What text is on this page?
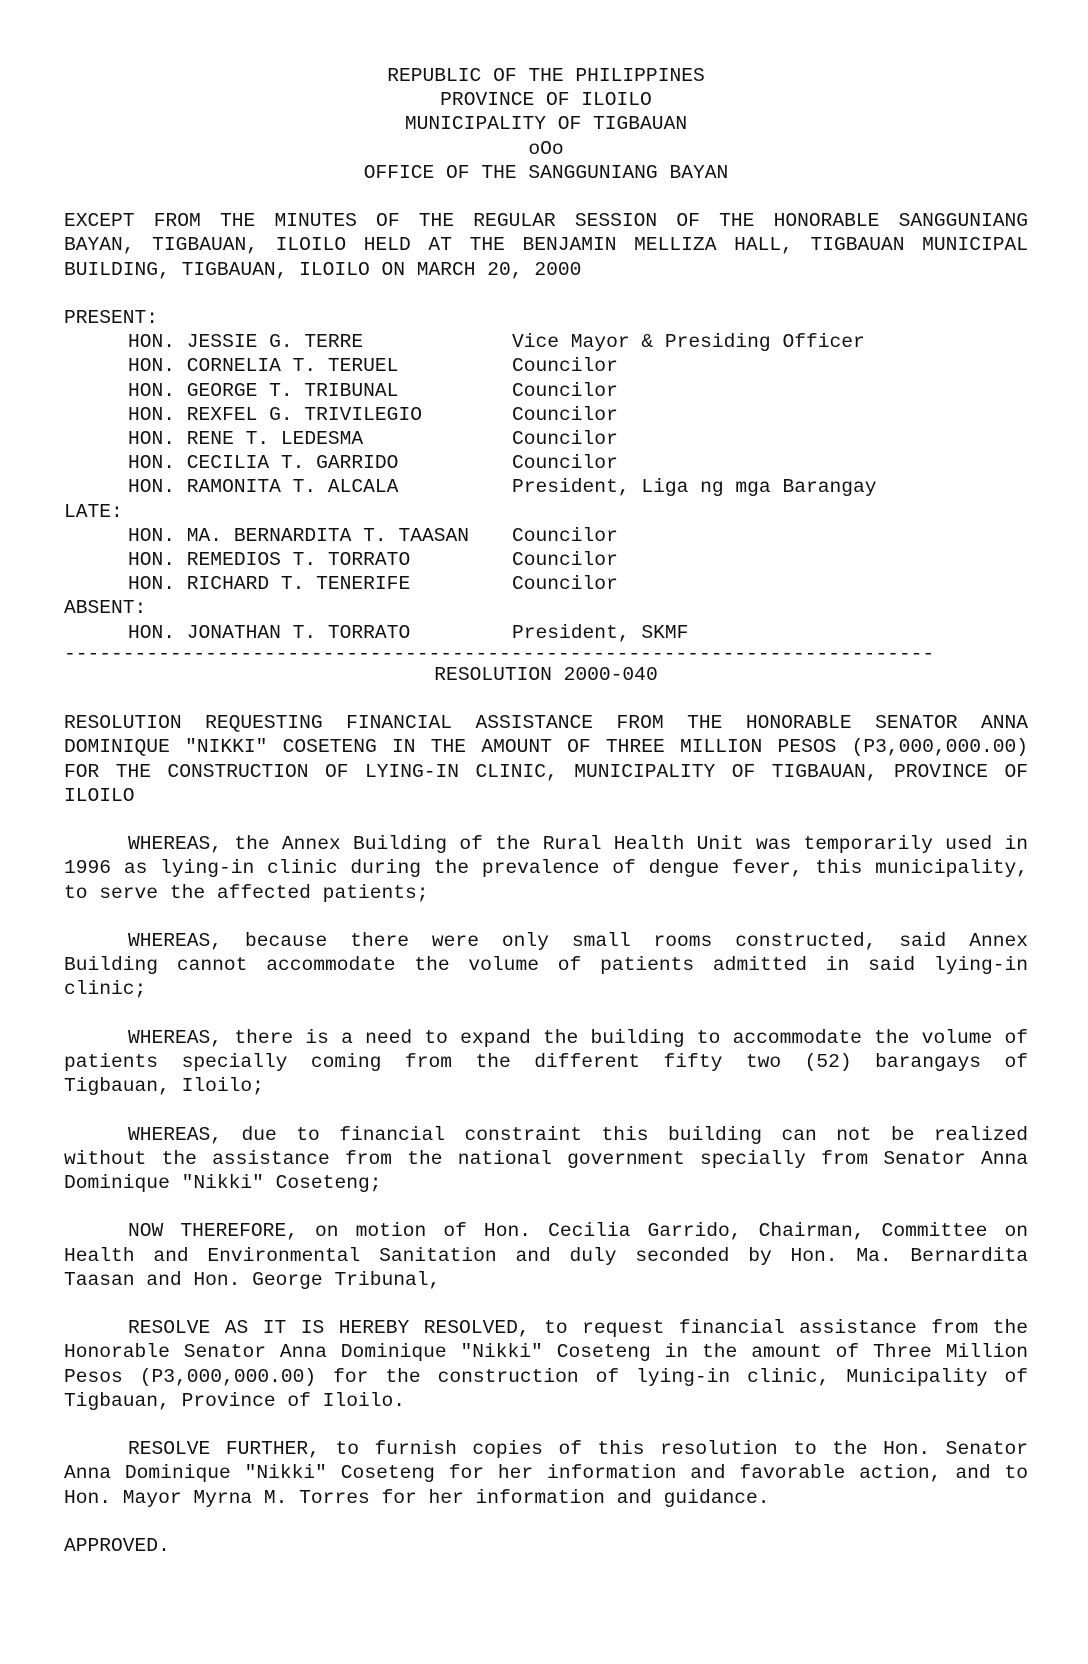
REPUBLIC OF THE PHILIPPINES
PROVINCE OF ILOILO
MUNICIPALITY OF TIGBAUAN
oOo
OFFICE OF THE SANGGUNIANG BAYAN
EXCEPT FROM THE MINUTES OF THE REGULAR SESSION OF THE HONORABLE SANGGUNIANG BAYAN, TIGBAUAN, ILOILO HELD AT THE BENJAMIN MELLIZA HALL, TIGBAUAN MUNICIPAL BUILDING, TIGBAUAN, ILOILO ON MARCH 20, 2000
PRESENT:
HON. JESSIE G. TERRE	Vice Mayor & Presiding Officer
HON. CORNELIA T. TERUEL	Councilor
HON. GEORGE T. TRIBUNAL	Councilor
HON. REXFEL G. TRIVILEGIO	Councilor
HON. RENE T. LEDESMA	Councilor
HON. CECILIA T. GARRIDO	Councilor
HON. RAMONITA T. ALCALA	President, Liga ng mga Barangay
LATE:
HON. MA. BERNARDITA T. TAASAN	Councilor
HON. REMEDIOS T. TORRATO	Councilor
HON. RICHARD T. TENERIFE	Councilor
ABSENT:
HON. JONATHAN T. TORRATO	President, SKMF
--------------------------------------------------------------------------
RESOLUTION 2000-040
RESOLUTION REQUESTING FINANCIAL ASSISTANCE FROM THE HONORABLE SENATOR ANNA DOMINIQUE "NIKKI" COSETENG IN THE AMOUNT OF THREE MILLION PESOS (P3,000,000.00) FOR THE CONSTRUCTION OF LYING-IN CLINIC, MUNICIPALITY OF TIGBAUAN, PROVINCE OF ILOILO
WHEREAS, the Annex Building of the Rural Health Unit was temporarily used in 1996 as lying-in clinic during the prevalence of dengue fever, this municipality, to serve the affected patients;
WHEREAS, because there were only small rooms constructed, said Annex Building cannot accommodate the volume of patients admitted in said lying-in clinic;
WHEREAS, there is a need to expand the building to accommodate the volume of patients specially coming from the different fifty two (52) barangays of Tigbauan, Iloilo;
WHEREAS, due to financial constraint this building can not be realized without the assistance from the national government specially from Senator Anna Dominique "Nikki" Coseteng;
NOW THEREFORE, on motion of Hon. Cecilia Garrido, Chairman, Committee on Health and Environmental Sanitation and duly seconded by Hon. Ma. Bernardita Taasan and Hon. George Tribunal,
RESOLVE AS IT IS HEREBY RESOLVED, to request financial assistance from the Honorable Senator Anna Dominique "Nikki" Coseteng in the amount of Three Million Pesos (P3,000,000.00) for the construction of lying-in clinic, Municipality of Tigbauan, Province of Iloilo.
RESOLVE FURTHER, to furnish copies of this resolution to the Hon. Senator Anna Dominique "Nikki" Coseteng for her information and favorable action, and to Hon. Mayor Myrna M. Torres for her information and guidance.
APPROVED.
